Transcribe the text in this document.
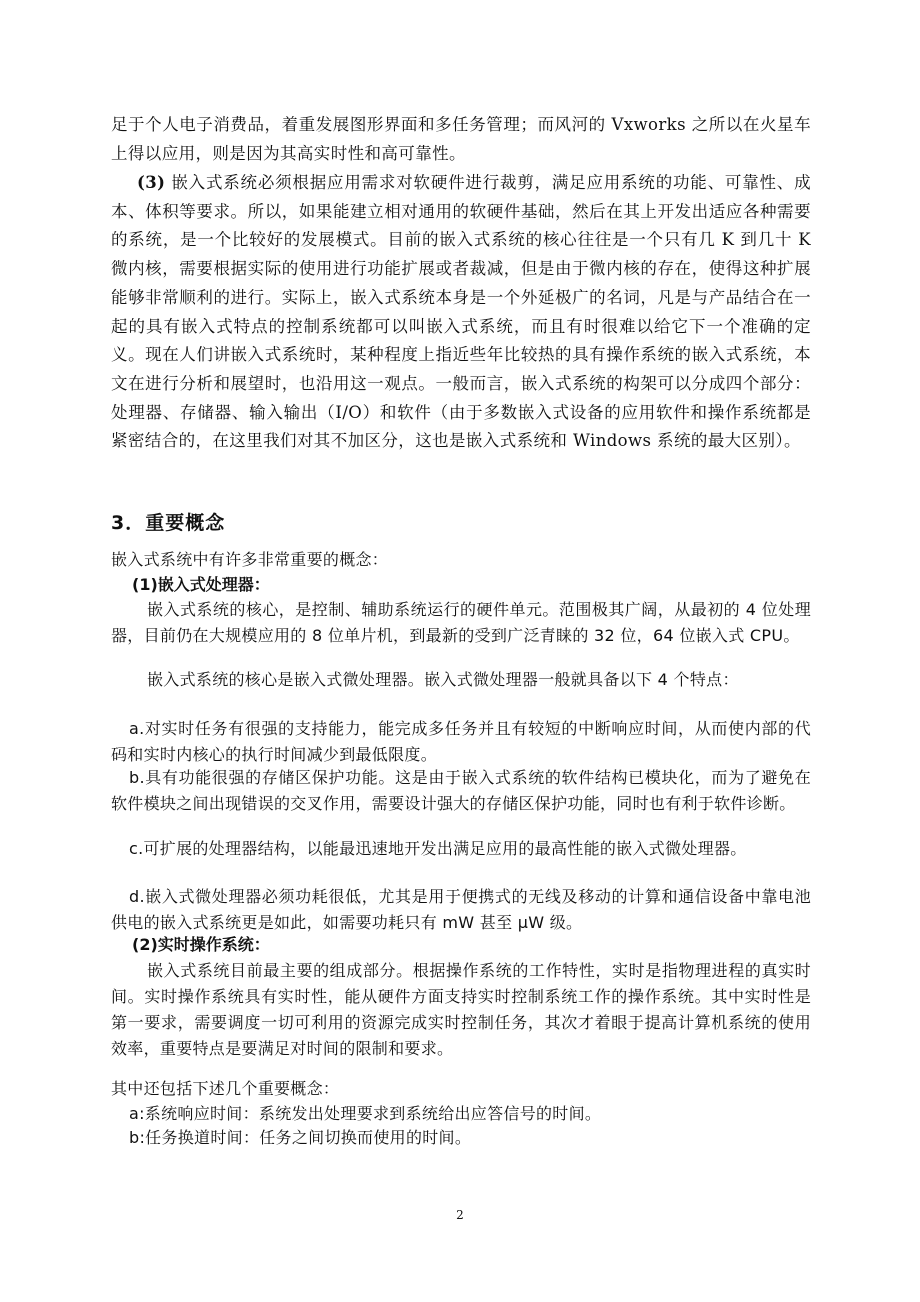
足于个人电子消费品，着重发展图形界面和多任务管理；而风河的 Vxworks 之所以在火星车上得以应用，则是因为其高实时性和高可靠性。

(3) 嵌入式系统必须根据应用需求对软硬件进行裁剪，满足应用系统的功能、可靠性、成本、体积等要求。所以，如果能建立相对通用的软硬件基础，然后在其上开发出适应各种需要的系统，是一个比较好的发展模式。目前的嵌入式系统的核心往往是一个只有几 K 到几十 K 微内核，需要根据实际的使用进行功能扩展或者裁减，但是由于微内核的存在，使得这种扩展能够非常顺利的进行。实际上，嵌入式系统本身是一个外延极广的名词，凡是与产品结合在一起的具有嵌入式特点的控制系统都可以叫嵌入式系统，而且有时很难以给它下一个准确的定义。现在人们讲嵌入式系统时，某种程度上指近些年比较热的具有操作系统的嵌入式系统，本文在进行分析和展望时，也沿用这一观点。一般而言，嵌入式系统的构架可以分成四个部分：处理器、存储器、输入输出（I/O）和软件（由于多数嵌入式设备的应用软件和操作系统都是紧密结合的，在这里我们对其不加区分，这也是嵌入式系统和 Windows 系统的最大区别）。

3．重要概念

嵌入式系统中有许多非常重要的概念：

(1)嵌入式处理器：

嵌入式系统的核心，是控制、辅助系统运行的硬件单元。范围极其广阔，从最初的 4 位处理器，目前仍在大规模应用的 8 位单片机，到最新的受到广泛青睐的 32 位，64 位嵌入式 CPU。

嵌入式系统的核心是嵌入式微处理器。嵌入式微处理器一般就具备以下 4 个特点：

a.对实时任务有很强的支持能力，能完成多任务并且有较短的中断响应时间，从而使内部的代码和实时内核心的执行时间减少到最低限度。

b.具有功能很强的存储区保护功能。这是由于嵌入式系统的软件结构已模块化，而为了避免在软件模块之间出现错误的交叉作用，需要设计强大的存储区保护功能，同时也有利于软件诊断。

c.可扩展的处理器结构，以能最迅速地开发出满足应用的最高性能的嵌入式微处理器。

d.嵌入式微处理器必须功耗很低，尤其是用于便携式的无线及移动的计算和通信设备中靠电池供电的嵌入式系统更是如此，如需要功耗只有 mW 甚至 μW 级。

(2)实时操作系统：

嵌入式系统目前最主要的组成部分。根据操作系统的工作特性，实时是指物理进程的真实时间。实时操作系统具有实时性，能从硬件方面支持实时控制系统工作的操作系统。其中实时性是第一要求，需要调度一切可利用的资源完成实时控制任务，其次才着眼于提高计算机系统的使用效率，重要特点是要满足对时间的限制和要求。

其中还包括下述几个重要概念：

a:系统响应时间：系统发出处理要求到系统给出应答信号的时间。

b:任务换道时间：任务之间切换而使用的时间。

2
